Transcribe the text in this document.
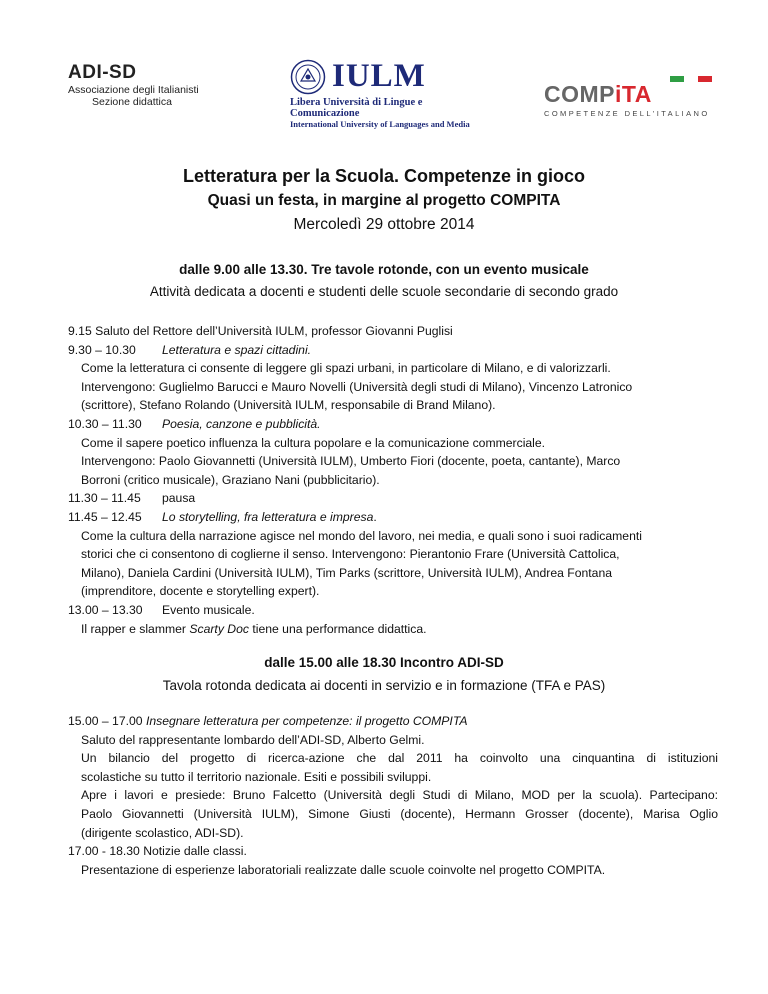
ADI-SD
Associazione degli Italianisti
Sezione didattica
IULM
Libera Università di Lingue e Comunicazione
International University of Languages and Media
COMPiTA
COMPETENZE DELL'ITALIANO
Letteratura per la Scuola. Competenze in gioco
Quasi un festa, in margine al progetto COMPITA
Mercoledì 29 ottobre 2014
dalle 9.00 alle 13.30. Tre tavole rotonde, con un evento musicale
Attività dedicata a docenti e studenti delle scuole secondarie di secondo grado
9.15 Saluto del Rettore dell’Università IULM, professor Giovanni Puglisi
9.30 – 10.30 Letteratura e spazi cittadini.
Come la letteratura ci consente di leggere gli spazi urbani, in particolare di Milano, e di valorizzarli.
Intervengono: Guglielmo Barucci e Mauro Novelli (Università degli studi di Milano), Vincenzo Latronico
(scrittore), Stefano Rolando (Università IULM, responsabile di Brand Milano).
10.30 – 11.30 Poesia, canzone e pubblicità.
Come il sapere poetico influenza la cultura popolare e la comunicazione commerciale.
Intervengono: Paolo Giovannetti (Università IULM), Umberto Fiori (docente, poeta, cantante), Marco
Borroni (critico musicale), Graziano Nani (pubblicitario).
11.30 – 11.45 pausa
11.45 – 12.45 Lo storytelling, fra letteratura e impresa.
Come la cultura della narrazione agisce nel mondo del lavoro, nei media, e quali sono i suoi radicamenti
storici che ci consentono di coglierne il senso. Intervengono: Pierantonio Frare (Università Cattolica,
Milano), Daniela Cardini (Università IULM), Tim Parks (scrittore, Università IULM), Andrea Fontana
(imprenditore, docente e storytelling expert).
13.00 – 13.30 Evento musicale.
Il rapper e slammer Scarty Doc tiene una performance didattica.
dalle 15.00 alle 18.30 Incontro ADI-SD
Tavola rotonda dedicata ai docenti in servizio e in formazione (TFA e PAS)
15.00 – 17.00 Insegnare letteratura per competenze: il progetto COMPITA
Saluto del rappresentante lombardo dell’ADI-SD, Alberto Gelmi.
Un bilancio del progetto di ricerca-azione che dal 2011 ha coinvolto una cinquantina di istituzioni
scolastiche su tutto il territorio nazionale. Esiti e possibili sviluppi.
Apre i lavori e presiede: Bruno Falcetto (Università degli Studi di Milano, MOD per la scuola). Partecipano:
Paolo Giovannetti (Università IULM), Simone Giusti (docente), Hermann Grosser (docente), Marisa Oglio
(dirigente scolastico, ADI-SD).
17.00 - 18.30 Notizie dalle classi.
Presentazione di esperienze laboratoriali realizzate dalle scuole coinvolte nel progetto COMPITA.
